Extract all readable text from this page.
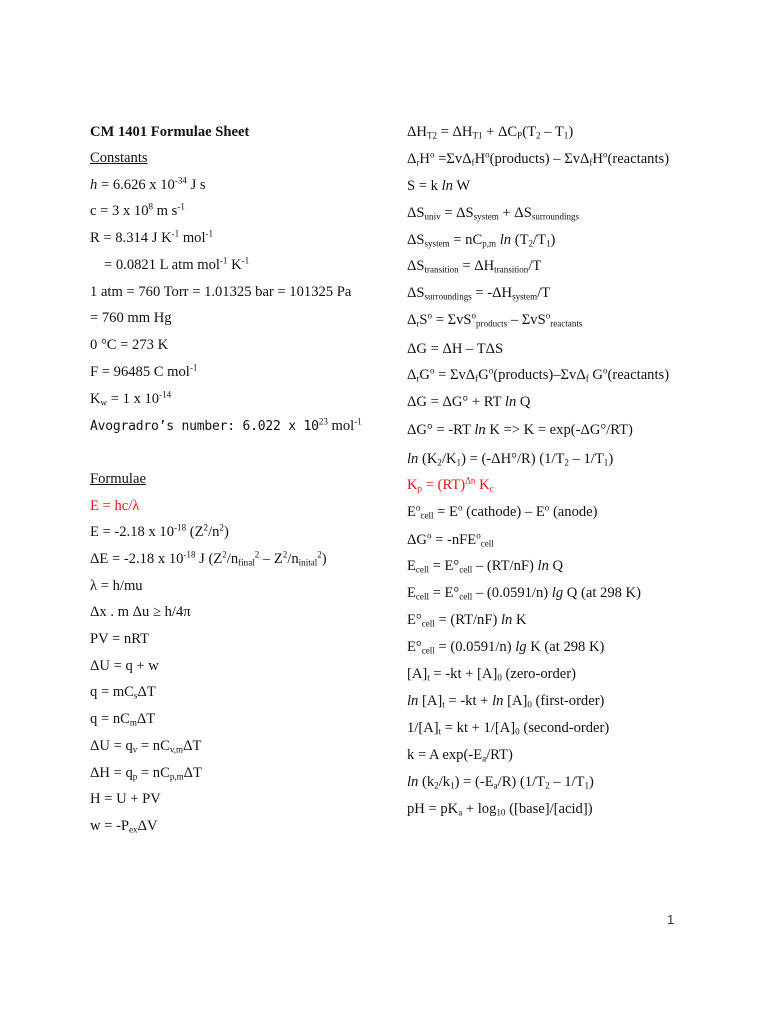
CM 1401 Formulae Sheet
Constants
h = 6.626 x $10^{-34}$ J s
c = 3 x $10^8$ m $s^{-1}$
R = 8.314 J $K^{-1}$ mol$^{-1}$
= 0.0821 L atm mol$^{-1}$ $K^{-1}$
1 atm = 760 Torr = 1.01325 bar = 101325 Pa
= 760 mm Hg
0 °C = 273 K
F = 96485 C mol$^{-1}$
$K_w = 1$ x $10^{-14}$
Avogradro’s number: 6.022 x $10^{23}$ mol$^{-1}$
Formulae
E = hc/λ
E = -2.18 x $10^{-18}$ $(Z^2/n^2)$
ΔE = -2.18 x $10^{-18}$ J $(Z^2/n_{final}^2 - Z^2/n_{inital}^2)$
λ = h/mu
Δx . m Δu ≥ h/4π
PV = nRT
ΔU = q + w
$q = mC_s\Delta T$
$q = nC_m\Delta T$
$\Delta U = q_v = nC_{v,m}\Delta T$
$\Delta H = q_p = nC_{p,m}\Delta T$
H = U + PV
$w = -P_{ex}\Delta V$
$\Delta H_{T2} = \Delta H_{T1} + \Delta C_P(T_2 - T_1)$
$\Delta_rH^o$ $=\Sigma v\Delta_fH^o(products)$ – $\Sigma v\Delta_fH^o(reactants)$
S = k ln W
$\Delta S_{univ} = \Delta S_{system} + \Delta S_{surroundings}$
$\Delta S_{system} = nC_{p,m}$ $\ln (T_2/T_1)$
$\Delta S_{transition} = \Delta H_{transition}/T$
$\Delta S_{surroundings} = -\Delta H_{system}/T$
$\Delta_rS^o = \Sigma vS^o_{products} - \Sigma vS^o_{reactants}$
ΔG = ΔH – TΔS
$\Delta_rG^o$ = $\Sigma v\Delta_fG^o(products)-\Sigma v\Delta_f$ $G^o(reactants)$
ΔG = ΔG° + RT ln Q
ΔG° = -RT ln K => K = exp(-ΔG°/RT)
$\ln (K_2/K_1) = (-\Delta H^\circ/R)$ $(1/T_2 - 1/T_1)$
$K_p = (RT)^{\Delta n}$ $K_c$
$E^o_{cell} = E^o$ (cathode) – $E^o$ (anode)
$\Delta G^o = -nFE^o_{cell}$
$E_{cell} = E^\circ_{cell} - (RT/nF)$ ln Q
$E_{cell} = E^\circ_{cell} - (0.0591/n)$ lg Q (at 298 K)
$E^\circ_{cell} = (RT/nF)$ ln K
$E^\circ_{cell} = (0.0591/n)$ lg K (at 298 K)
$[A]_t = -kt + [A]_0$ (zero-order)
$\ln [A]_t = -kt + \ln [A]_0$ (first-order)
$1/[A]_t$ = kt + $1/[A]_0$ (second-order)
k = A $\exp(-E_a/RT)$
$\ln (k_2/k_1) = (-E_a/R)$ $(1/T_2 - 1/T_1)$
pH = $pK_a + \log_{10}$ ([base]/[acid])
1
